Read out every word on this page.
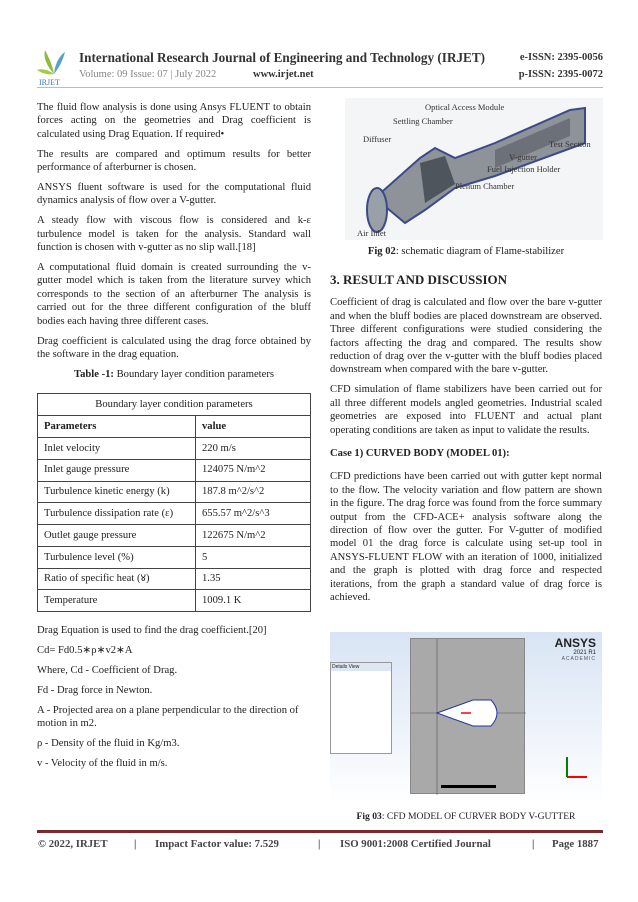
IRJET
International Research Journal of Engineering and Technology (IRJET)	e-ISSN: 2395-0056
Volume: 09 Issue: 07 | July 2022	www.irjet.net	p-ISSN: 2395-0072

The fluid flow analysis is done using Ansys FLUENT to obtain forces acting on the geometries and Drag coefficient is calculated using Drag Equation. If required•

The results are compared and optimum results for better performance of afterburner is chosen.

ANSYS fluent software is used for the computational fluid dynamics analysis of flow over a V-gutter.

A steady flow with viscous flow is considered and k-ε turbulence model is taken for the analysis. Standard wall function is chosen with v-gutter as no slip wall.[18]

A computational fluid domain is created surrounding the v-gutter model which is taken from the literature survey which corresponds to the section of an afterburner The analysis is carried out for the three different configuration of the bluff bodies each having three different cases.

Drag coefficient is calculated using the drag force obtained by the software in the drag equation.

Table -1: Boundary layer condition parameters
Boundary layer condition parameters	
Parameters	value
Inlet velocity	220 m/s
Inlet gauge pressure	124075 N/m^2
Turbulence kinetic energy (k)	187.8 m^2/s^2
Turbulence dissipation rate (ε)	655.57 m^2/s^3
Outlet gauge pressure	122675 N/m^2
Turbulence level (%)	5
Ratio of specific heat (४)	1.35
Temperature	1009.1 K

Drag Equation is used to find the drag coefficient.[20]

Cd= Fd0.5∗ρ∗v2∗A

Where, Cd - Coefficient of Drag.

Fd - Drag force in Newton.

A - Projected area on a plane perpendicular to the direction of motion in m2.

ρ - Density of the fluid in Kg/m3.

v - Velocity of the fluid in m/s.

Optical Access Module
Settling Chamber
Diffuser	Test Section
V-gutter
Fuel Injection Holder
Plenum Chamber
Air Inlet
Fig 02: schematic diagram of Flame-stabilizer
3. RESULT AND DISCUSSION

Coefficient of drag is calculated and flow over the bare v-gutter and when the bluff bodies are placed downstream are observed. Three different configurations were studied considering the factors affecting the drag and compared. The results show reduction of drag over the v-gutter with the bluff bodies placed downstream when compared with the bare v-gutter.

CFD simulation of flame stabilizers have been carried out for all three different models angled geometries. Industrial scaled geometries are exposed into FLUENT and actual plant operating conditions are taken as input to validate the results.

Case 1) CURVED BODY (MODEL 01):

CFD predictions have been carried out with gutter kept normal to the flow. The velocity variation and flow pattern are shown in the figure. The drag force was found from the force summary output from the CFD-ACE+ analysis software along the direction of flow over the gutter. For V-gutter of modified model 01 the drag force is calculate using set-up tool in ANSYS-FLUENT FLOW with an iteration of 1000, initialized and the graph is plotted with drag force and respected iterations, from the graph a standard value of drag force is achieved.

Details View
ANSYS
2021 R1
ACADEMIC
Fig 03: CFD MODEL OF CURVER BODY V-GUTTER
© 2022, IRJET | Impact Factor value: 7.529	| ISO 9001:2008 Certified Journal	| Page 1887
